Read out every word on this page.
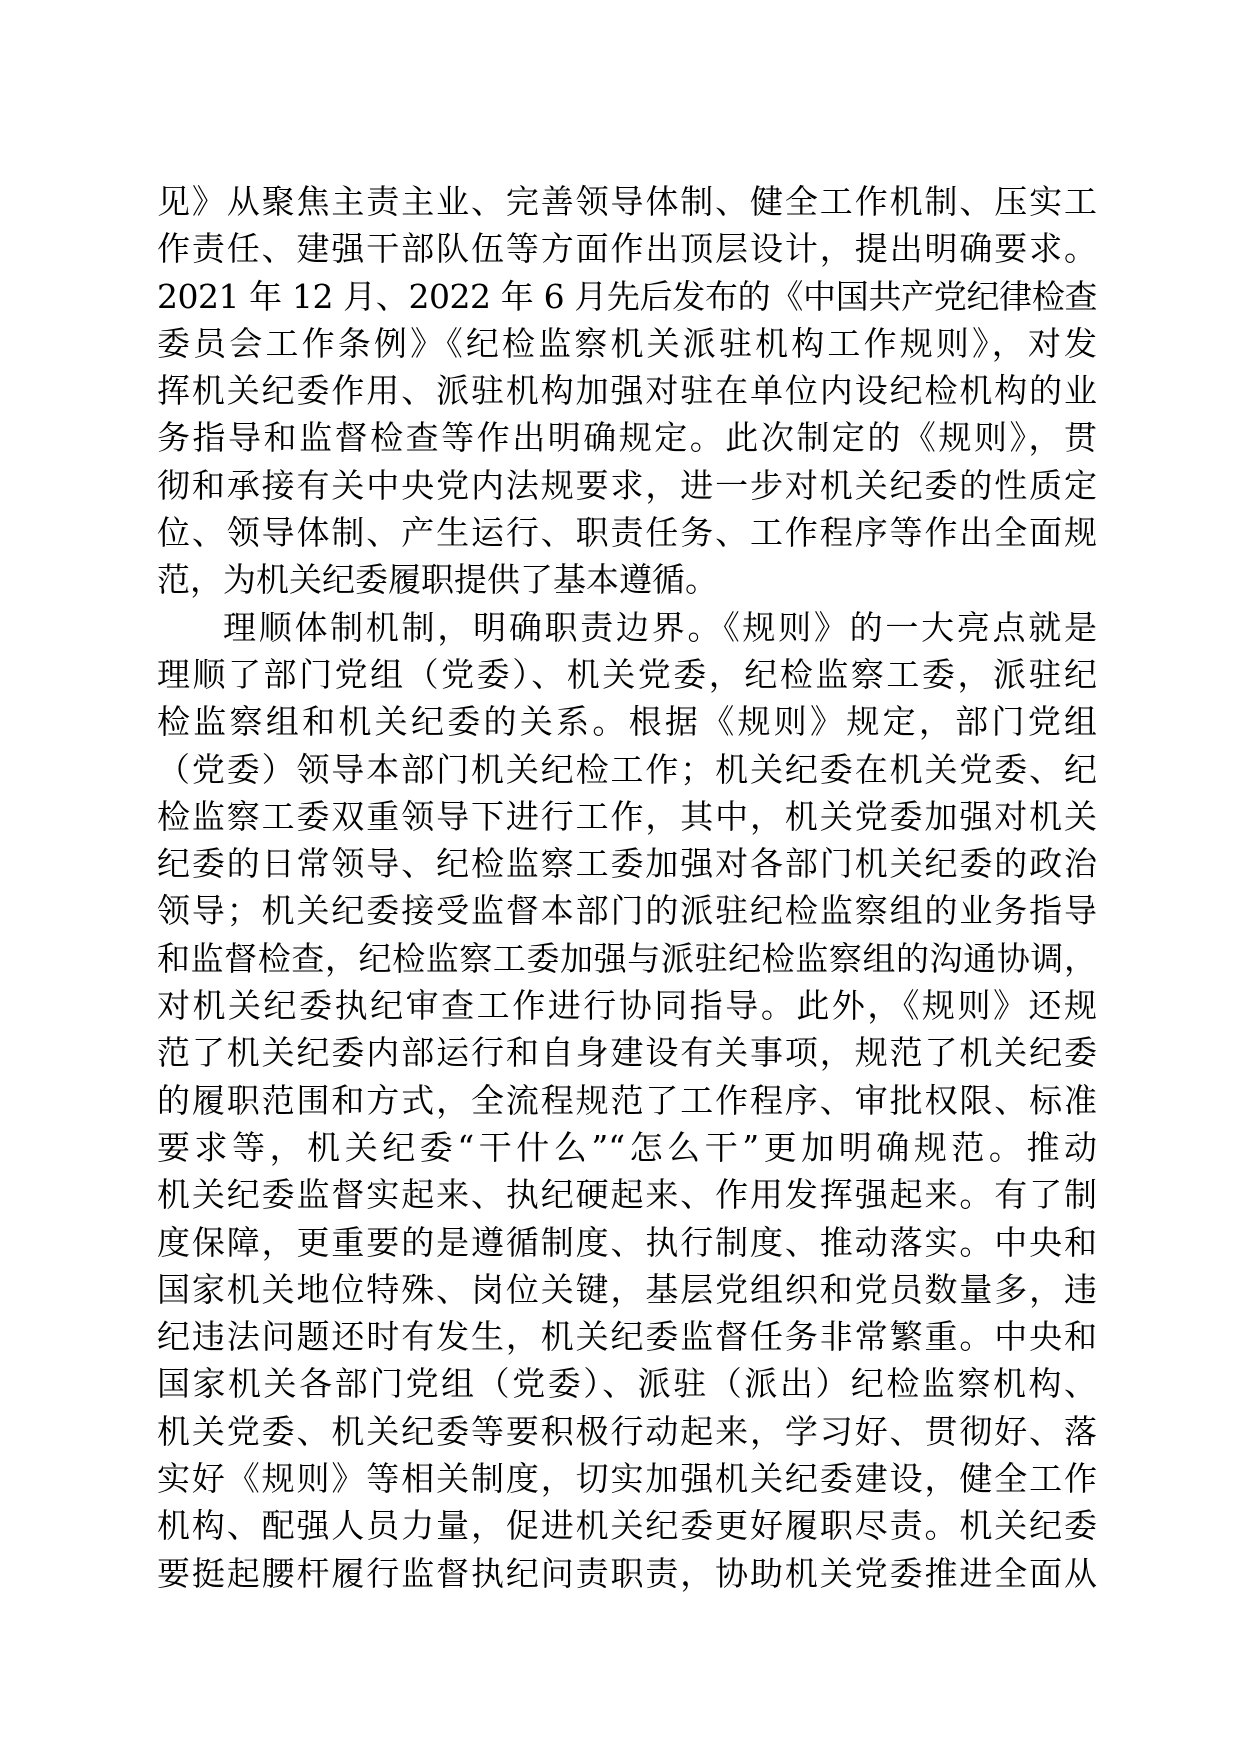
见》从聚焦主责主业、完善领导体制、健全工作机制、压实工
作责任、建强干部队伍等方面作出顶层设计，提出明确要求。
2021 年 12 月、2022 年 6 月先后发布的《中国共产党纪律检查
委员会工作条例》《纪检监察机关派驻机构工作规则》，对发
挥机关纪委作用、派驻机构加强对驻在单位内设纪检机构的业
务指导和监督检查等作出明确规定。此次制定的《规则》，贯
彻和承接有关中央党内法规要求，进一步对机关纪委的性质定
位、领导体制、产生运行、职责任务、工作程序等作出全面规
范，为机关纪委履职提供了基本遵循。
理顺体制机制，明确职责边界。《规则》的一大亮点就是
理顺了部门党组（党委）、机关党委，纪检监察工委，派驻纪
检监察组和机关纪委的关系。根据《规则》规定，部门党组
（党委）领导本部门机关纪检工作；机关纪委在机关党委、纪
检监察工委双重领导下进行工作，其中，机关党委加强对机关
纪委的日常领导、纪检监察工委加强对各部门机关纪委的政治
领导；机关纪委接受监督本部门的派驻纪检监察组的业务指导
和监督检查，纪检监察工委加强与派驻纪检监察组的沟通协调，
对机关纪委执纪审查工作进行协同指导。此外，《规则》还规
范了机关纪委内部运行和自身建设有关事项，规范了机关纪委
的履职范围和方式，全流程规范了工作程序、审批权限、标准
要求等，机关纪委“干什么”“怎么干”更加明确规范。推动
机关纪委监督实起来、执纪硬起来、作用发挥强起来。有了制
度保障，更重要的是遵循制度、执行制度、推动落实。中央和
国家机关地位特殊、岗位关键，基层党组织和党员数量多，违
纪违法问题还时有发生，机关纪委监督任务非常繁重。中央和
国家机关各部门党组（党委）、派驻（派出）纪检监察机构、
机关党委、机关纪委等要积极行动起来，学习好、贯彻好、落
实好《规则》等相关制度，切实加强机关纪委建设，健全工作
机构、配强人员力量，促进机关纪委更好履职尽责。机关纪委
要挺起腰杆履行监督执纪问责职责，协助机关党委推进全面从
